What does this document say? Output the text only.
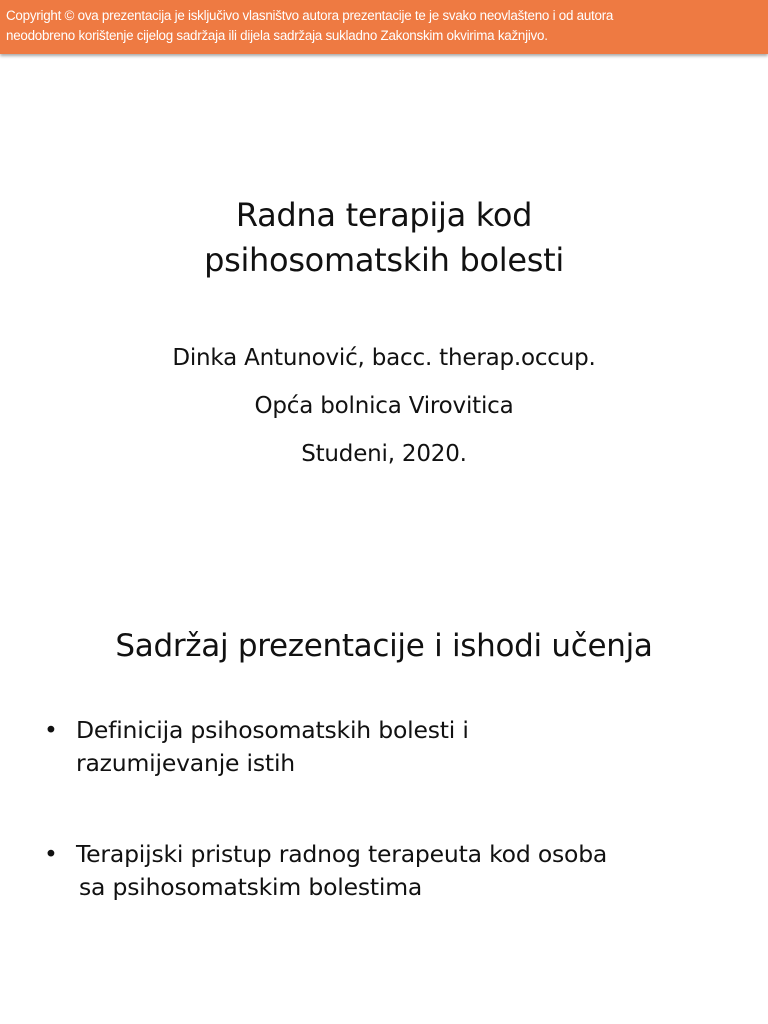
Copyright © ova prezentacija je isključivo vlasništvo autora prezentacije te je svako neovlašteno i od autora
neodobreno korištenje cijelog sadržaja ili dijela sadržaja sukladno Zakonskim okvirima kažnjivo.
Radna terapija kod
psihosomatskih bolesti
Dinka Antunović, bacc. therap.occup.
Opća bolnica Virovitica
Studeni, 2020.
Sadržaj prezentacije i ishodi učenja
• Definicija psihosomatskih bolesti i
razumijevanje istih
• Terapijski pristup radnog terapeuta kod osoba
sa psihosomatskim bolestima
